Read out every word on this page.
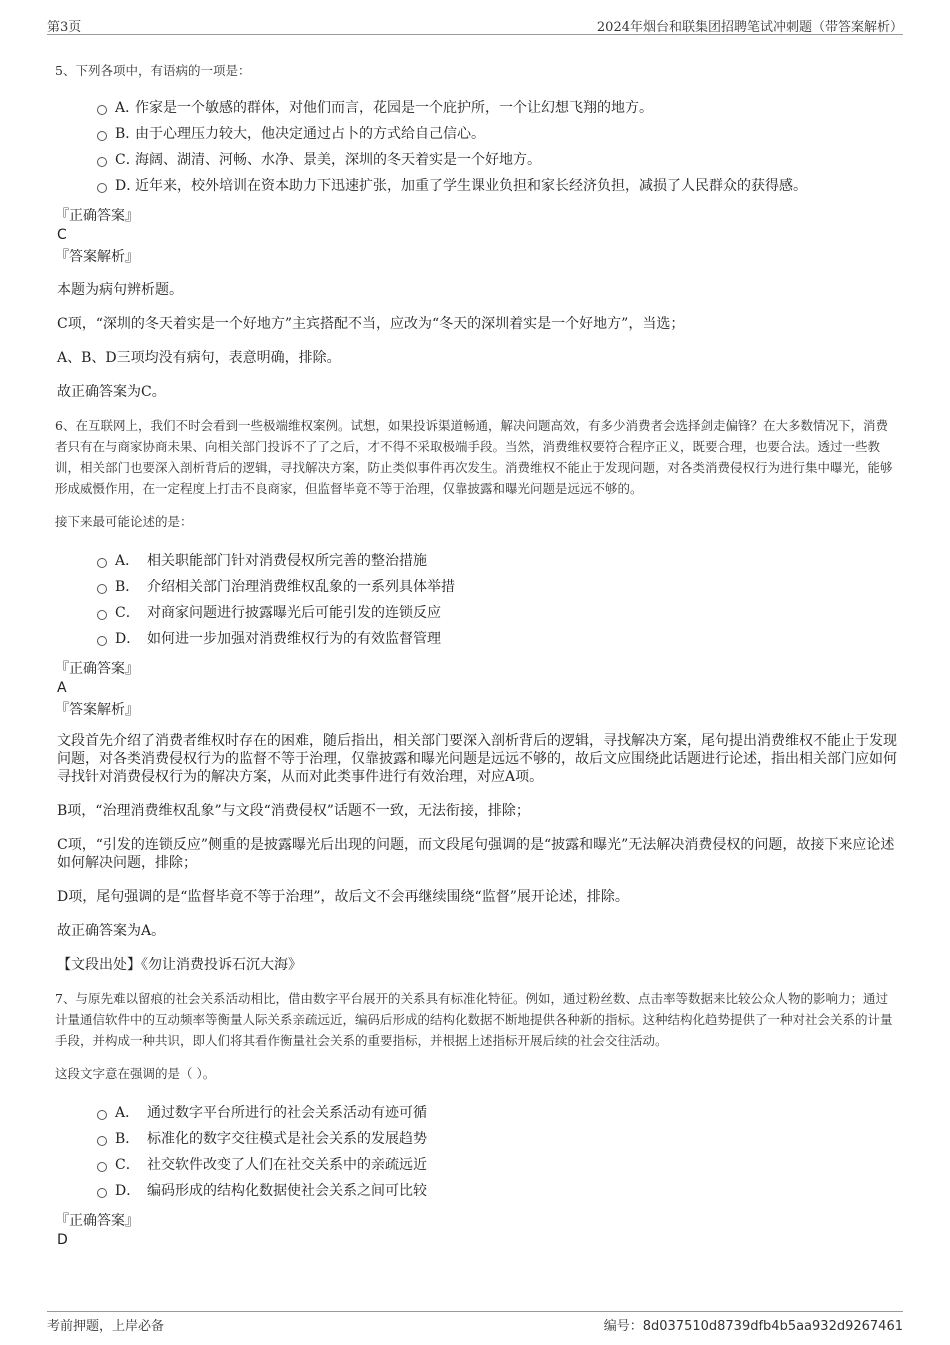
第3页	2024年烟台和联集团招聘笔试冲刺题（带答案解析）

5、下列各项中，有语病的一项是：

A．
作家是一个敏感的群体，对他们而言，花园是一个庇护所，一个让幻想飞翔的地方。
B．
由于心理压力较大，他决定通过占卜的方式给自己信心。
C．
海阔、湖清、河畅、水净、景美，深圳的冬天着实是一个好地方。
D．
近年来，校外培训在资本助力下迅速扩张，加重了学生课业负担和家长经济负担，减损了人民群众的获得感。

『正确答案』

C

『答案解析』

本题为病句辨析题。

C项，“深圳的冬天着实是一个好地方”主宾搭配不当，应改为“冬天的深圳着实是一个好地方”，当选；

A、B、D三项均没有病句，表意明确，排除。

故正确答案为C。

6、在互联网上，我们不时会看到一些极端维权案例。试想，如果投诉渠道畅通，解决问题高效，有多少消费者会选择剑走偏锋？在大多数情况下，消费者只有在与商家协商未果、向相关部门投诉不了了之后，才不得不采取极端手段。当然，消费维权要符合程序正义，既要合理，也要合法。透过一些教训，相关部门也要深入剖析背后的逻辑，寻找解决方案，防止类似事件再次发生。消费维权不能止于发现问题，对各类消费侵权行为进行集中曝光，能够形成威慑作用，在一定程度上打击不良商家，但监督毕竟不等于治理，仅靠披露和曝光问题是远远不够的。

接下来最可能论述的是：

A． 相关职能部门针对消费侵权所完善的整治措施
B． 介绍相关部门治理消费维权乱象的一系列具体举措
C． 对商家问题进行披露曝光后可能引发的连锁反应
D． 如何进一步加强对消费维权行为的有效监督管理

『正确答案』

A

『答案解析』

文段首先介绍了消费者维权时存在的困难，随后指出，相关部门要深入剖析背后的逻辑，寻找解决方案，尾句提出消费维权不能止于发现问题，对各类消费侵权行为的监督不等于治理，仅靠披露和曝光问题是远远不够的，故后文应围绕此话题进行论述，指出相关部门应如何寻找针对消费侵权行为的解决方案，从而对此类事件进行有效治理，对应A项。

B项，“治理消费维权乱象”与文段“消费侵权”话题不一致，无法衔接，排除；

C项，“引发的连锁反应”侧重的是披露曝光后出现的问题，而文段尾句强调的是“披露和曝光”无法解决消费侵权的问题，故接下来应论述如何解决问题，排除；

D项，尾句强调的是“监督毕竟不等于治理”，故后文不会再继续围绕“监督”展开论述，排除。

故正确答案为A。

【文段出处】《勿让消费投诉石沉大海》

7、与原先难以留痕的社会关系活动相比，借由数字平台展开的关系具有标准化特征。例如，通过粉丝数、点击率等数据来比较公众人物的影响力；通过计量通信软件中的互动频率等衡量人际关系亲疏远近，编码后形成的结构化数据不断地提供各种新的指标。这种结构化趋势提供了一种对社会关系的计量手段，并构成一种共识，即人们将其看作衡量社会关系的重要指标，并根据上述指标开展后续的社会交往活动。

这段文字意在强调的是（ ）。

A． 通过数字平台所进行的社会关系活动有迹可循
B． 标准化的数字交往模式是社会关系的发展趋势
C． 社交软件改变了人们在社交关系中的亲疏远近
D． 编码形成的结构化数据使社会关系之间可比较

『正确答案』

D

考前押题，上岸必备	编号：8d037510d8739dfb4b5aa932d9267461
